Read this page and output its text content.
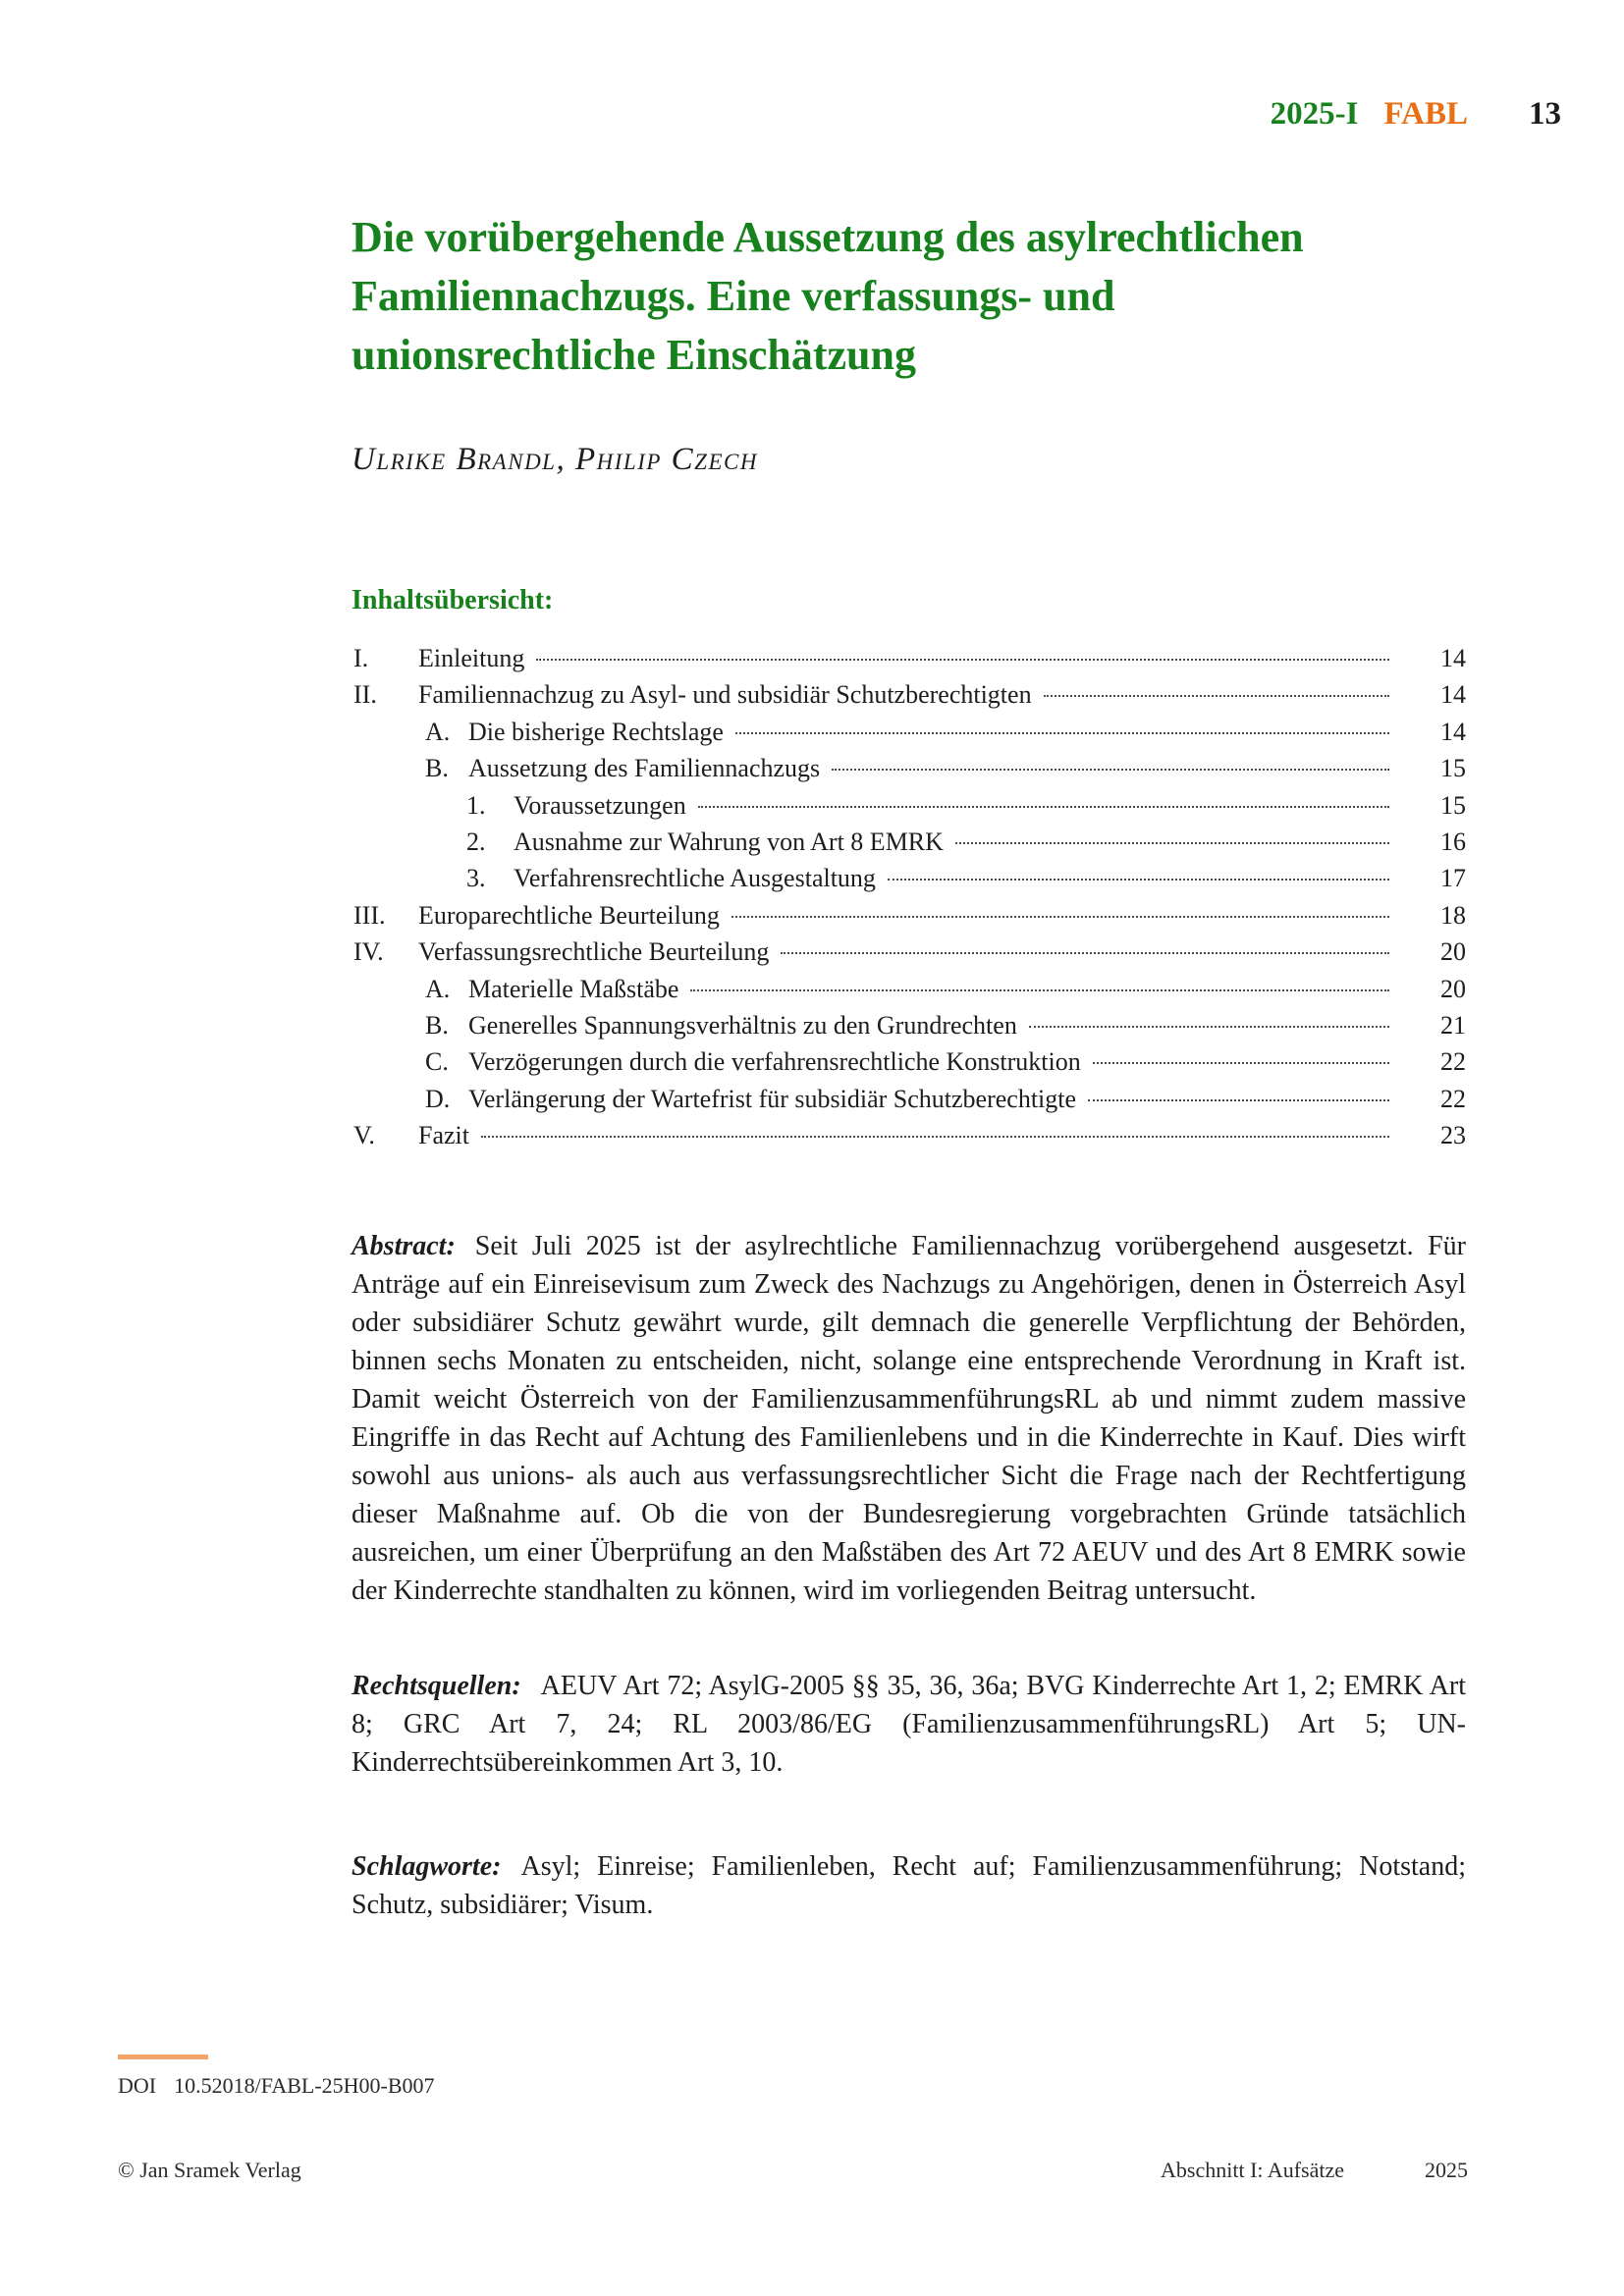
2025-I FABL 13
Die vorübergehende Aussetzung des asylrechtlichen
Familiennachzugs. Eine verfassungs- und
unionsrechtliche Einschätzung
Ulrike Brandl, Philip Czech
Inhaltsübersicht:
I.	Einleitung	14
II.	Familiennachzug zu Asyl- und subsidiär Schutzberechtigten	14
A. Die bisherige Rechtslage	14
B. Aussetzung des Familiennachzugs	15
1.	Voraussetzungen	15
2.	Ausnahme zur Wahrung von Art 8 EMRK	16
3.	Verfahrensrechtliche Ausgestaltung	17
III.	Europarechtliche Beurteilung	18
IV.	Verfassungsrechtliche Beurteilung	20
A. Materielle Maßstäbe	20
B. Generelles Spannungsverhältnis zu den Grundrechten	21
C. Verzögerungen durch die verfahrensrechtliche Konstruktion	22
D. Verlängerung der Wartefrist für subsidiär Schutzberechtigte	22
V.	Fazit	23

Abstract: Seit Juli 2025 ist der asylrechtliche Familiennachzug vorübergehend ausgesetzt. Für Anträge auf ein Einreisevisum zum Zweck des Nachzugs zu Angehörigen, denen in Österreich Asyl oder subsidiärer Schutz gewährt wurde, gilt demnach die generelle Verpflichtung der Behörden, binnen sechs Monaten zu entscheiden, nicht, solange eine entsprechende Verordnung in Kraft ist. Damit weicht Österreich von der FamilienzusammenführungsRL ab und nimmt zudem massive Eingriffe in das Recht auf Achtung des Familienlebens und in die Kinderrechte in Kauf. Dies wirft sowohl aus unions- als auch aus verfassungsrechtlicher Sicht die Frage nach der Rechtfertigung dieser Maßnahme auf. Ob die von der Bundesregierung vorgebrachten Gründe tatsächlich ausreichen, um einer Überprüfung an den Maßstäben des Art 72 AEUV und des Art 8 EMRK sowie der Kinderrechte standhalten zu können, wird im vorliegenden Beitrag untersucht.

Rechtsquellen: AEUV Art 72; AsylG-2005 §§ 35, 36, 36a; BVG Kinderrechte Art 1, 2; EMRK Art 8; GRC Art 7, 24; RL 2003/86/EG (FamilienzusammenführungsRL) Art 5; UN-Kinderrechtsübereinkommen Art 3, 10.

Schlagworte: Asyl; Einreise; Familienleben, Recht auf; Familienzusammenführung; Notstand; Schutz, subsidiärer; Visum.

DOI 10.52018/FABL-25H00-B007
© Jan Sramek Verlag	Abschnitt I: Aufsätze	2025
